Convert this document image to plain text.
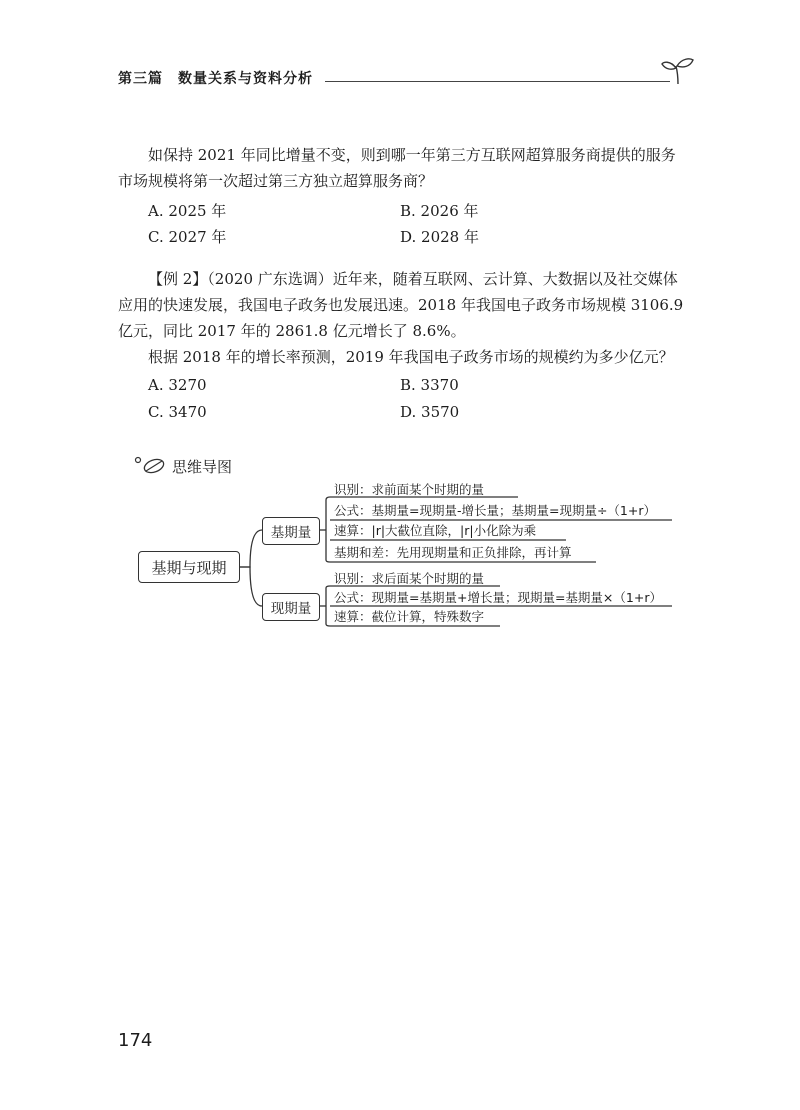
第三篇 数量关系与资料分析
如保持 2021 年同比增量不变，则到哪一年第三方互联网超算服务商提供的服务
市场规模将第一次超过第三方独立超算服务商？
A. 2025 年	B. 2026 年
C. 2027 年	D. 2028 年
【例 2】（2020 广东选调）近年来，随着互联网、云计算、大数据以及社交媒体
应用的快速发展，我国电子政务也发展迅速。2018 年我国电子政务市场规模 3106.9
亿元，同比 2017 年的 2861.8 亿元增长了 8.6%。
根据 2018 年的增长率预测，2019 年我国电子政务市场的规模约为多少亿元？
A. 3270	B. 3370
C. 3470	D. 3570
思维导图
基期与现期
基期量
现期量
识别：求前面某个时期的量
公式：基期量=现期量-增长量；基期量=现期量÷（1+r）
速算：|r|大截位直除，|r|小化除为乘
基期和差：先用现期量和正负排除，再计算
识别：求后面某个时期的量
公式：现期量=基期量+增长量；现期量=基期量×（1+r）
速算：截位计算，特殊数字
174
